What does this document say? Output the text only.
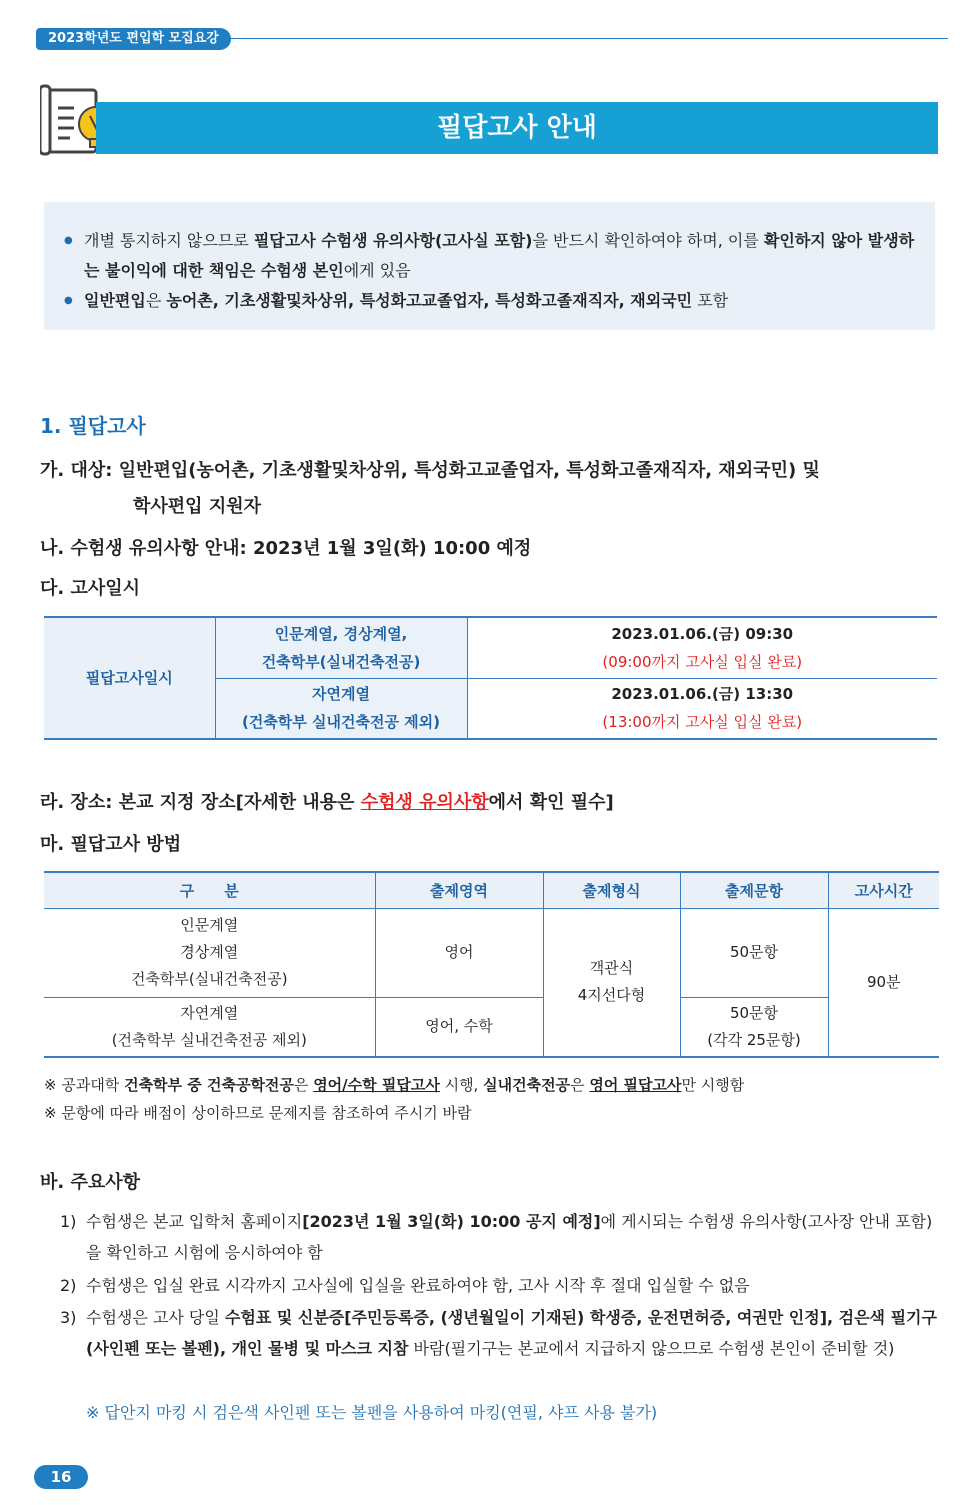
2023학년도 편입학 모집요강
필답고사 안내
● 개별 통지하지 않으므로 필답고사 수험생 유의사항(고사실 포함)을 반드시 확인하여야 하며, 이를 확인하지 않아 발생하는 불이익에 대한 책임은 수험생 본인에게 있음
● 일반편입은 농어촌, 기초생활및차상위, 특성화고교졸업자, 특성화고졸재직자, 재외국민 포함
1. 필답고사
가. 대상: 일반편입(농어촌, 기초생활및차상위, 특성화고교졸업자, 특성화고졸재직자, 재외국민) 및
학사편입 지원자
나. 수험생 유의사항 안내: 2023년 1월 3일(화) 10:00 예정
다. 고사일시
필답고사일시	인문계열, 경상계열,
건축학부(실내건축전공)	2023.01.06.(금) 09:30
(09:00까지 고사실 입실 완료)
	자연계열
(건축학부 실내건축전공 제외)	2023.01.06.(금) 13:30
(13:00까지 고사실 입실 완료)
라. 장소: 본교 지정 장소[자세한 내용은 수험생 유의사항에서 확인 필수]
마. 필답고사 방법
구　　분	출제영역	출제형식	출제문항	고사시간
인문계열
경상계열
건축학부(실내건축전공)	영어	객관식
4지선다형	50문항	90분
자연계열
(건축학부 실내건축전공 제외)	영어, 수학		50문항
(각각 25문항)	
※ 공과대학 건축학부 중 건축공학전공은 영어/수학 필답고사 시행, 실내건축전공은 영어 필답고사만 시행함
※ 문항에 따라 배점이 상이하므로 문제지를 참조하여 주시기 바람
바. 주요사항
1) 수험생은 본교 입학처 홈페이지[2023년 1월 3일(화) 10:00 공지 예정]에 게시되는 수험생 유의사항(고사장 안내 포함)을 확인하고 시험에 응시하여야 함
2) 수험생은 입실 완료 시각까지 고사실에 입실을 완료하여야 함, 고사 시작 후 절대 입실할 수 없음
3) 수험생은 고사 당일 수험표 및 신분증[주민등록증, (생년월일이 기재된) 학생증, 운전면허증, 여권만 인정], 검은색 필기구(사인펜 또는 볼펜), 개인 물병 및 마스크 지참 바람(필기구는 본교에서 지급하지 않으므로 수험생 본인이 준비할 것)
※ 답안지 마킹 시 검은색 사인펜 또는 볼펜을 사용하여 마킹(연필, 샤프 사용 불가)
16
